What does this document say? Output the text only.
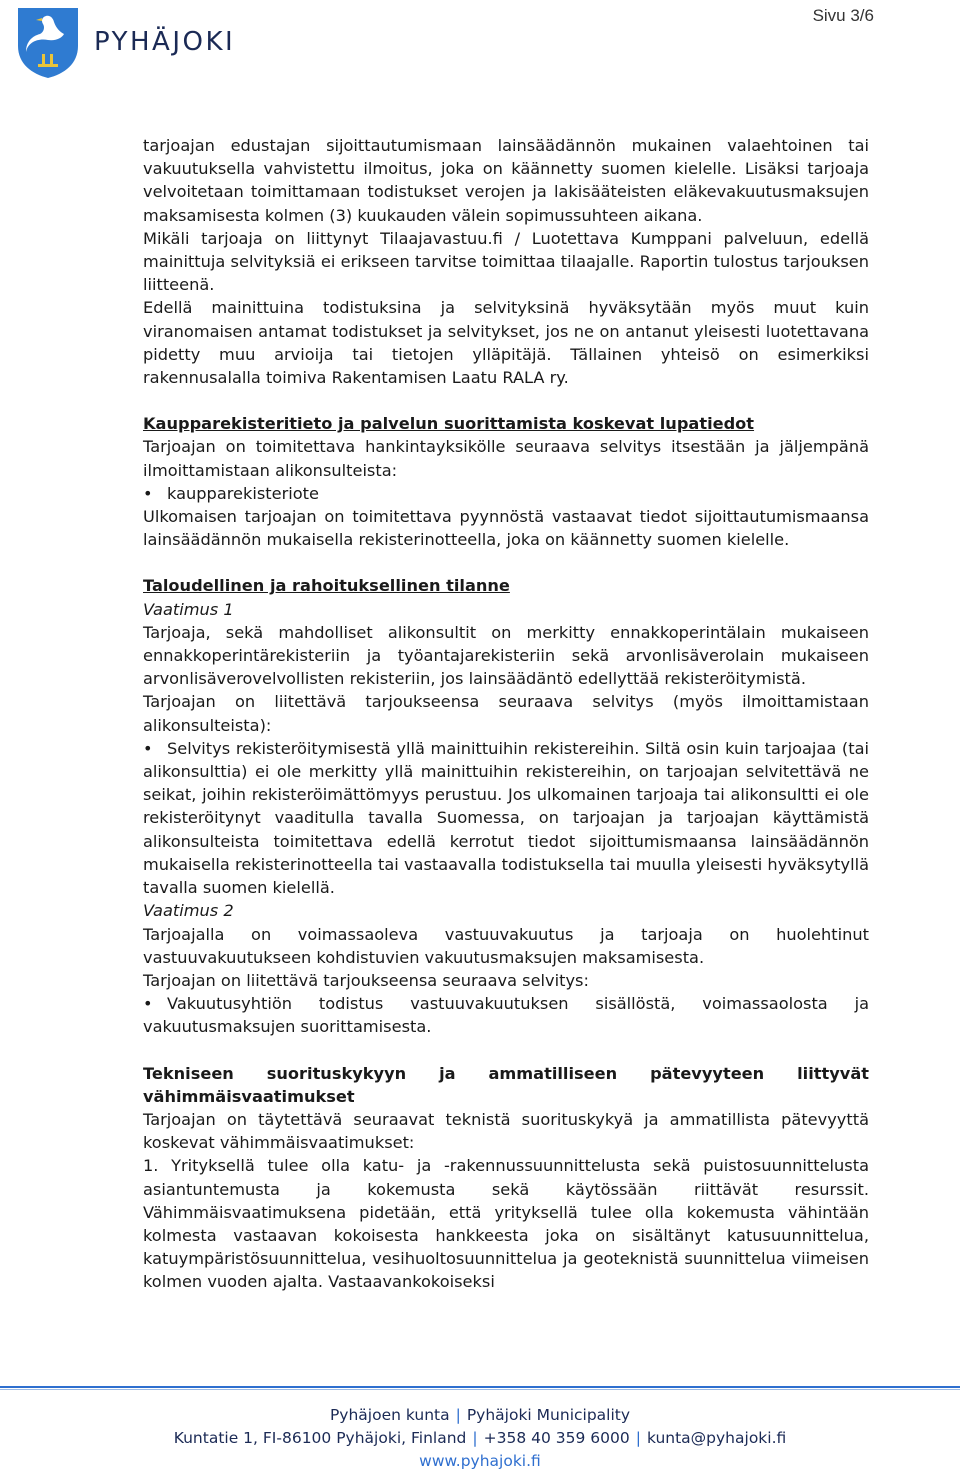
PYHÄJOKI
Sivu 3/6

tarjoajan edustajan sijoittautumismaan lainsäädännön mukainen valaehtoinen tai vakuutuksella vahvistettu ilmoitus, joka on käännetty suomen kielelle. Lisäksi tarjoaja velvoitetaan toimittamaan todistukset verojen ja lakisääteisten eläkevakuutusmaksujen maksamisesta kolmen (3) kuukauden välein sopimussuhteen aikana.

Mikäli tarjoaja on liittynyt Tilaajavastuu.fi / Luotettava Kumppani palveluun, edellä mainittuja selvityksiä ei erikseen tarvitse toimittaa tilaajalle. Raportin tulostus tarjouksen liitteenä.

Edellä mainittuina todistuksina ja selvityksinä hyväksytään myös muut kuin viranomaisen antamat todistukset ja selvitykset, jos ne on antanut yleisesti luotettavana pidetty muu arvioija tai tietojen ylläpitäjä. Tällainen yhteisö on esimerkiksi rakennusalalla toimiva Rakentamisen Laatu RALA ry.

Kaupparekisteritieto ja palvelun suorittamista koskevat lupatiedot

Tarjoajan on toimitettava hankintayksikölle seuraava selvitys itsestään ja jäljempänä ilmoittamistaan alikonsulteista:

• kaupparekisteriote

Ulkomaisen tarjoajan on toimitettava pyynnöstä vastaavat tiedot sijoittautumismaansa lainsäädännön mukaisella rekisterinotteella, joka on käännetty suomen kielelle.

Taloudellinen ja rahoituksellinen tilanne

Vaatimus 1

Tarjoaja, sekä mahdolliset alikonsultit on merkitty ennakkoperintälain mukaiseen ennakkoperintärekisteriin ja työantajarekisteriin sekä arvonlisäverolain mukaiseen arvonlisäverovelvollisten rekisteriin, jos lainsäädäntö edellyttää rekisteröitymistä.

Tarjoajan on liitettävä tarjoukseensa seuraava selvitys (myös ilmoittamistaan alikonsulteista):

• Selvitys rekisteröitymisestä yllä mainittuihin rekistereihin. Siltä osin kuin tarjoajaa (tai alikonsulttia) ei ole merkitty yllä mainittuihin rekistereihin, on tarjoajan selvitettävä ne seikat, joihin rekisteröimättömyys perustuu. Jos ulkomainen tarjoaja tai alikonsultti ei ole rekisteröitynyt vaaditulla tavalla Suomessa, on tarjoajan ja tarjoajan käyttämistä alikonsulteista toimitettava edellä kerrotut tiedot sijoittumismaansa lainsäädännön mukaisella rekisterinotteella tai vastaavalla todistuksella tai muulla yleisesti hyväksytyllä tavalla suomen kielellä.

Vaatimus 2

Tarjoajalla on voimassaoleva vastuuvakuutus ja tarjoaja on huolehtinut vastuuvakuutukseen kohdistuvien vakuutusmaksujen maksamisesta.

Tarjoajan on liitettävä tarjoukseensa seuraava selvitys:

• Vakuutusyhtiön todistus vastuuvakuutuksen sisällöstä, voimassaolosta ja vakuutusmaksujen suorittamisesta.

Tekniseen suorituskykyyn ja ammatilliseen pätevyyteen liittyvät vähimmäisvaatimukset

Tarjoajan on täytettävä seuraavat teknistä suorituskykyä ja ammatillista pätevyyttä koskevat vähimmäisvaatimukset:

1. Yrityksellä tulee olla katu- ja -rakennussuunnittelusta sekä puistosuunnittelusta asiantuntemusta ja kokemusta sekä käytössään riittävät resurssit. Vähimmäisvaatimuksena pidetään, että yrityksellä tulee olla kokemusta vähintään kolmesta vastaavan kokoisesta hankkeesta joka on sisältänyt katusuunnittelua, katuympäristösuunnittelua, vesihuoltosuunnittelua ja geoteknistä suunnittelua viimeisen kolmen vuoden ajalta. Vastaavankokoiseksi

Pyhäjoen kunta | Pyhäjoki Municipality
Kuntatie 1, FI-86100 Pyhäjoki, Finland | +358 40 359 6000 | kunta@pyhajoki.fi
www.pyhajoki.fi
